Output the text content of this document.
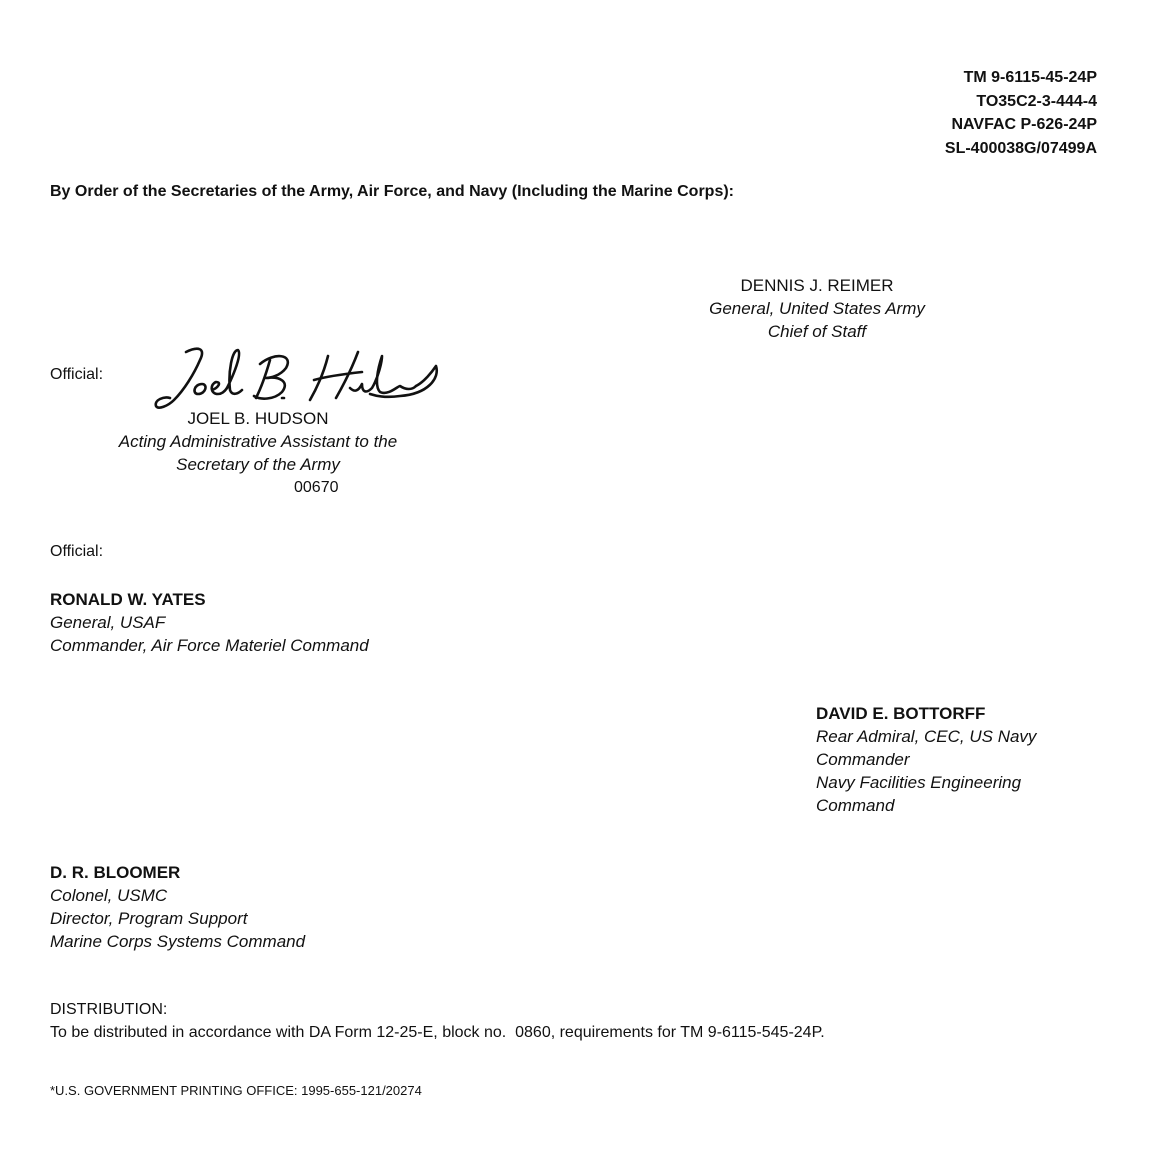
TM 9-6115-45-24P
TO35C2-3-444-4
NAVFAC P-626-24P
SL-400038G/07499A
By Order of the Secretaries of the Army, Air Force, and Navy (Including the Marine Corps):
DENNIS J. REIMER
General, United States Army
Chief of Staff
Official:
JOEL B. HUDSON
Acting Administrative Assistant to the
Secretary of the Army
00670
Official:
RONALD W. YATES
General, USAF
Commander, Air Force Materiel Command
DAVID E. BOTTORFF
Rear Admiral, CEC, US Navy
Commander
Navy Facilities Engineering
Command
D. R. BLOOMER
Colonel, USMC
Director, Program Support
Marine Corps Systems Command
DISTRIBUTION:
To be distributed in accordance with DA Form 12-25-E, block no.  0860, requirements for TM 9-6115-545-24P.
*U.S. GOVERNMENT PRINTING OFFICE: 1995-655-121/20274
